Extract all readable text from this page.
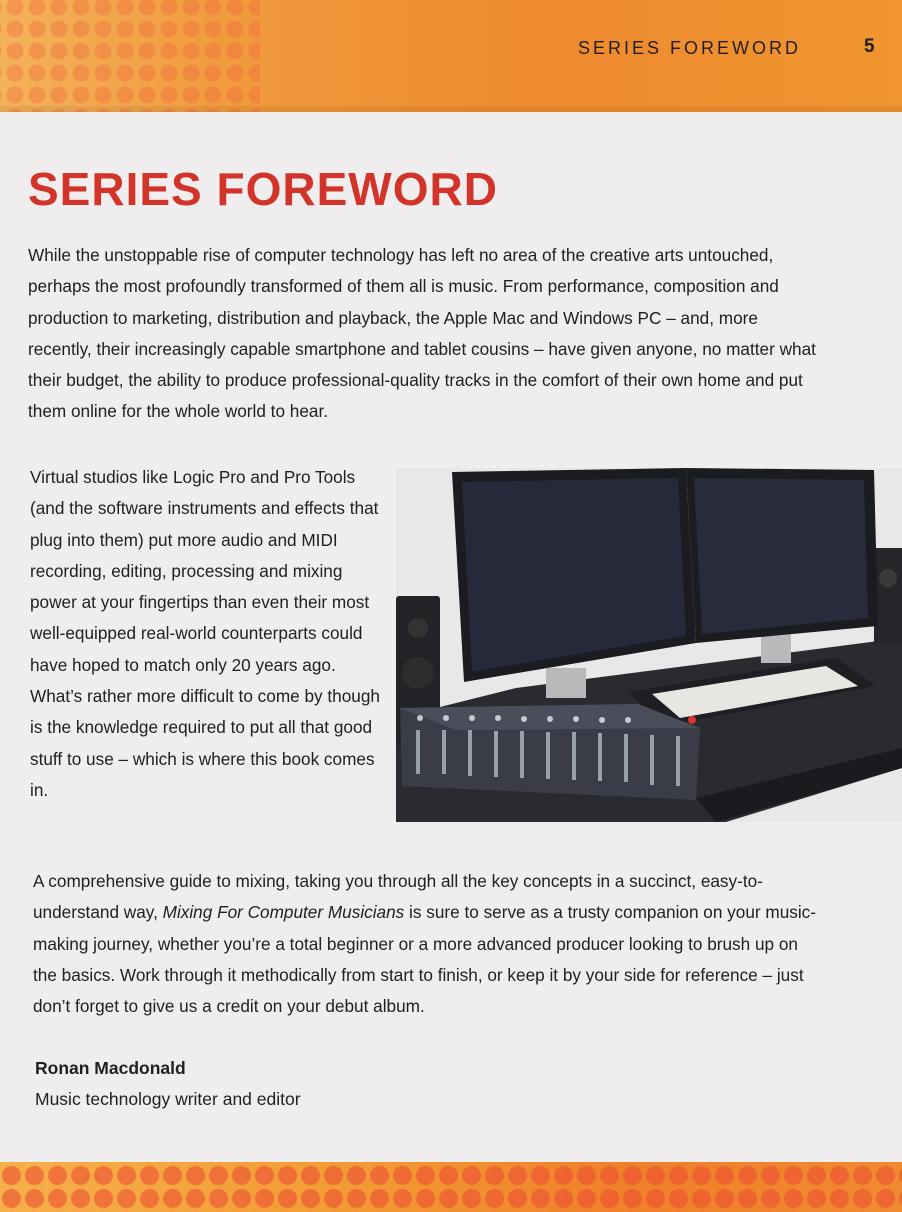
SERIES FOREWORD	5
SERIES FOREWORD

While the unstoppable rise of computer technology has left no area of the creative arts untouched, perhaps the most profoundly transformed of them all is music. From performance, composition and production to marketing, distribution and playback, the Apple Mac and Windows PC – and, more recently, their increasingly capable smartphone and tablet cousins – have given anyone, no matter what their budget, the ability to produce professional-quality tracks in the comfort of their own home and put them online for the whole world to hear.

Virtual studios like Logic Pro and Pro Tools (and the software instruments and effects that plug into them) put more audio and MIDI recording, editing, processing and mixing power at your fingertips than even their most well-equipped real-world counterparts could have hoped to match only 20 years ago. What’s rather more difficult to come by though is the knowledge required to put all that good stuff to use – which is where this book comes in.

A comprehensive guide to mixing, taking you through all the key concepts in a succinct, easy-to-understand way, Mixing For Computer Musicians is sure to serve as a trusty companion on your music-making journey, whether you’re a total beginner or a more advanced producer looking to brush up on the basics. Work through it methodically from start to finish, or keep it by your side for reference – just don’t forget to give us a credit on your debut album.

Ronan Macdonald

Music technology writer and editor
